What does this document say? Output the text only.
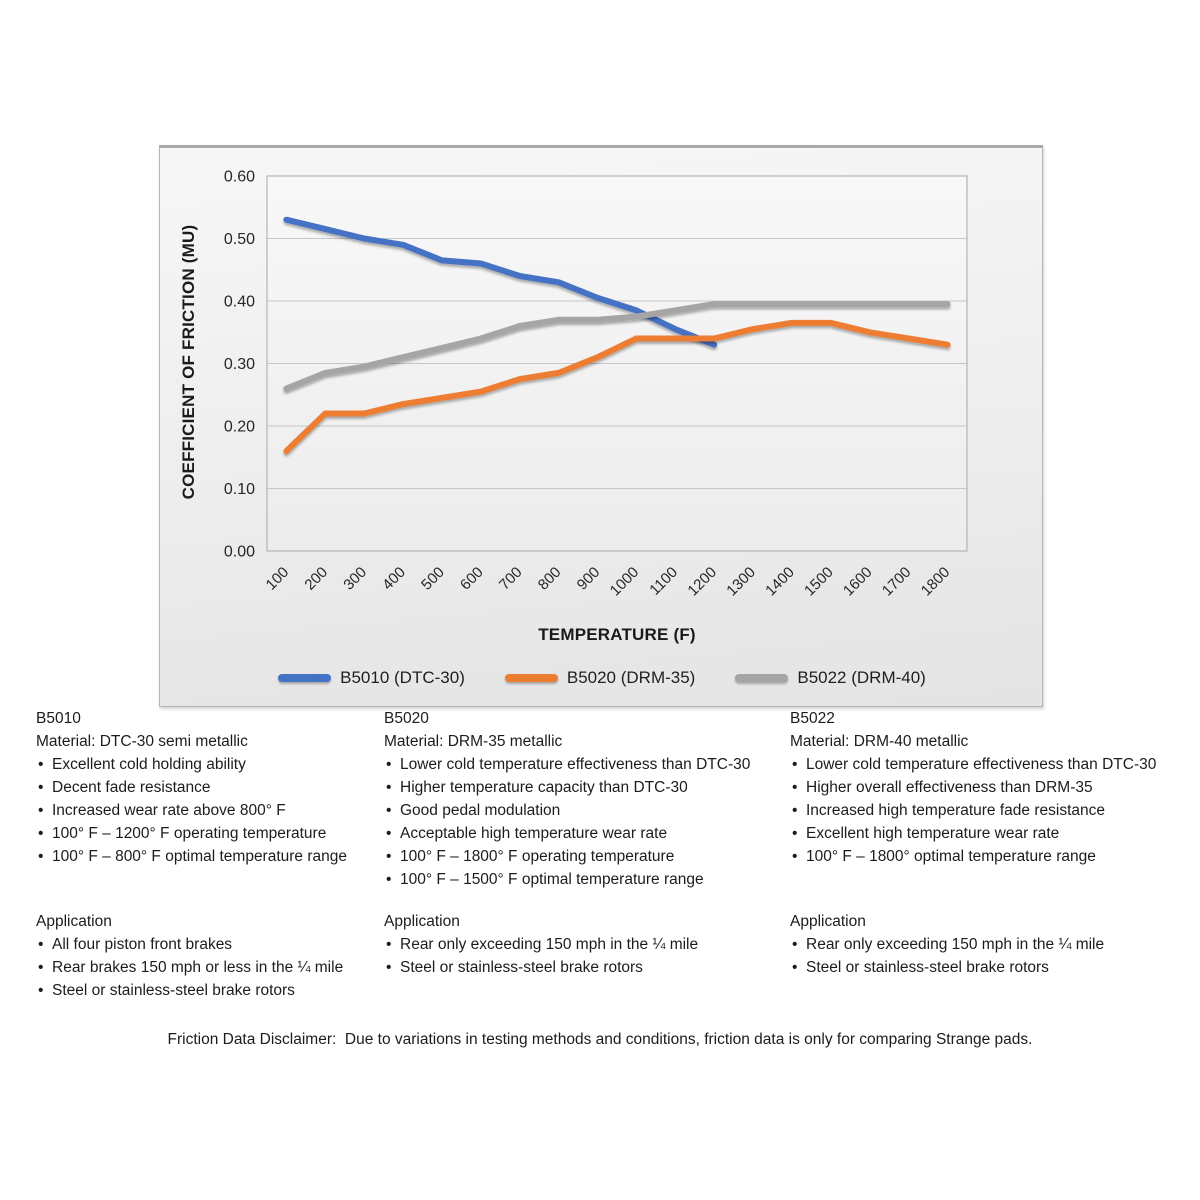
0.00
0.10
0.20
0.30
0.40
0.50
0.60
100 200 300 400 500 600 700 800 900 1000 1100 1200 1300 1400 1500 1600 1700 1800
COEFFICIENT OF FRICTION (MU)
TEMPERATURE (F)
B5010 (DTC-30)	B5020 (DRM-35)	B5022 (DRM-40)
B5010
Material: DTC-30 semi metallic
• Excellent cold holding ability
• Decent fade resistance
• Increased wear rate above 800° F
• 100° F – 1200° F operating temperature
• 100° F – 800° F optimal temperature range
B5020
Material: DRM-35 metallic
• Lower cold temperature effectiveness than DTC-30
• Higher temperature capacity than DTC-30
• Good pedal modulation
• Acceptable high temperature wear rate
• 100° F – 1800° F operating temperature
• 100° F – 1500° F optimal temperature range
B5022
Material: DRM-40 metallic
• Lower cold temperature effectiveness than DTC-30
• Higher overall effectiveness than DRM-35
• Increased high temperature fade resistance
• Excellent high temperature wear rate
• 100° F – 1800° optimal temperature range
Application
• All four piston front brakes
• Rear brakes 150 mph or less in the ¼ mile
• Steel or stainless-steel brake rotors
Application
• Rear only exceeding 150 mph in the ¼ mile
• Steel or stainless-steel brake rotors
Application
• Rear only exceeding 150 mph in the ¼ mile
• Steel or stainless-steel brake rotors
Friction Data Disclaimer:  Due to variations in testing methods and conditions, friction data is only for comparing Strange pads.
